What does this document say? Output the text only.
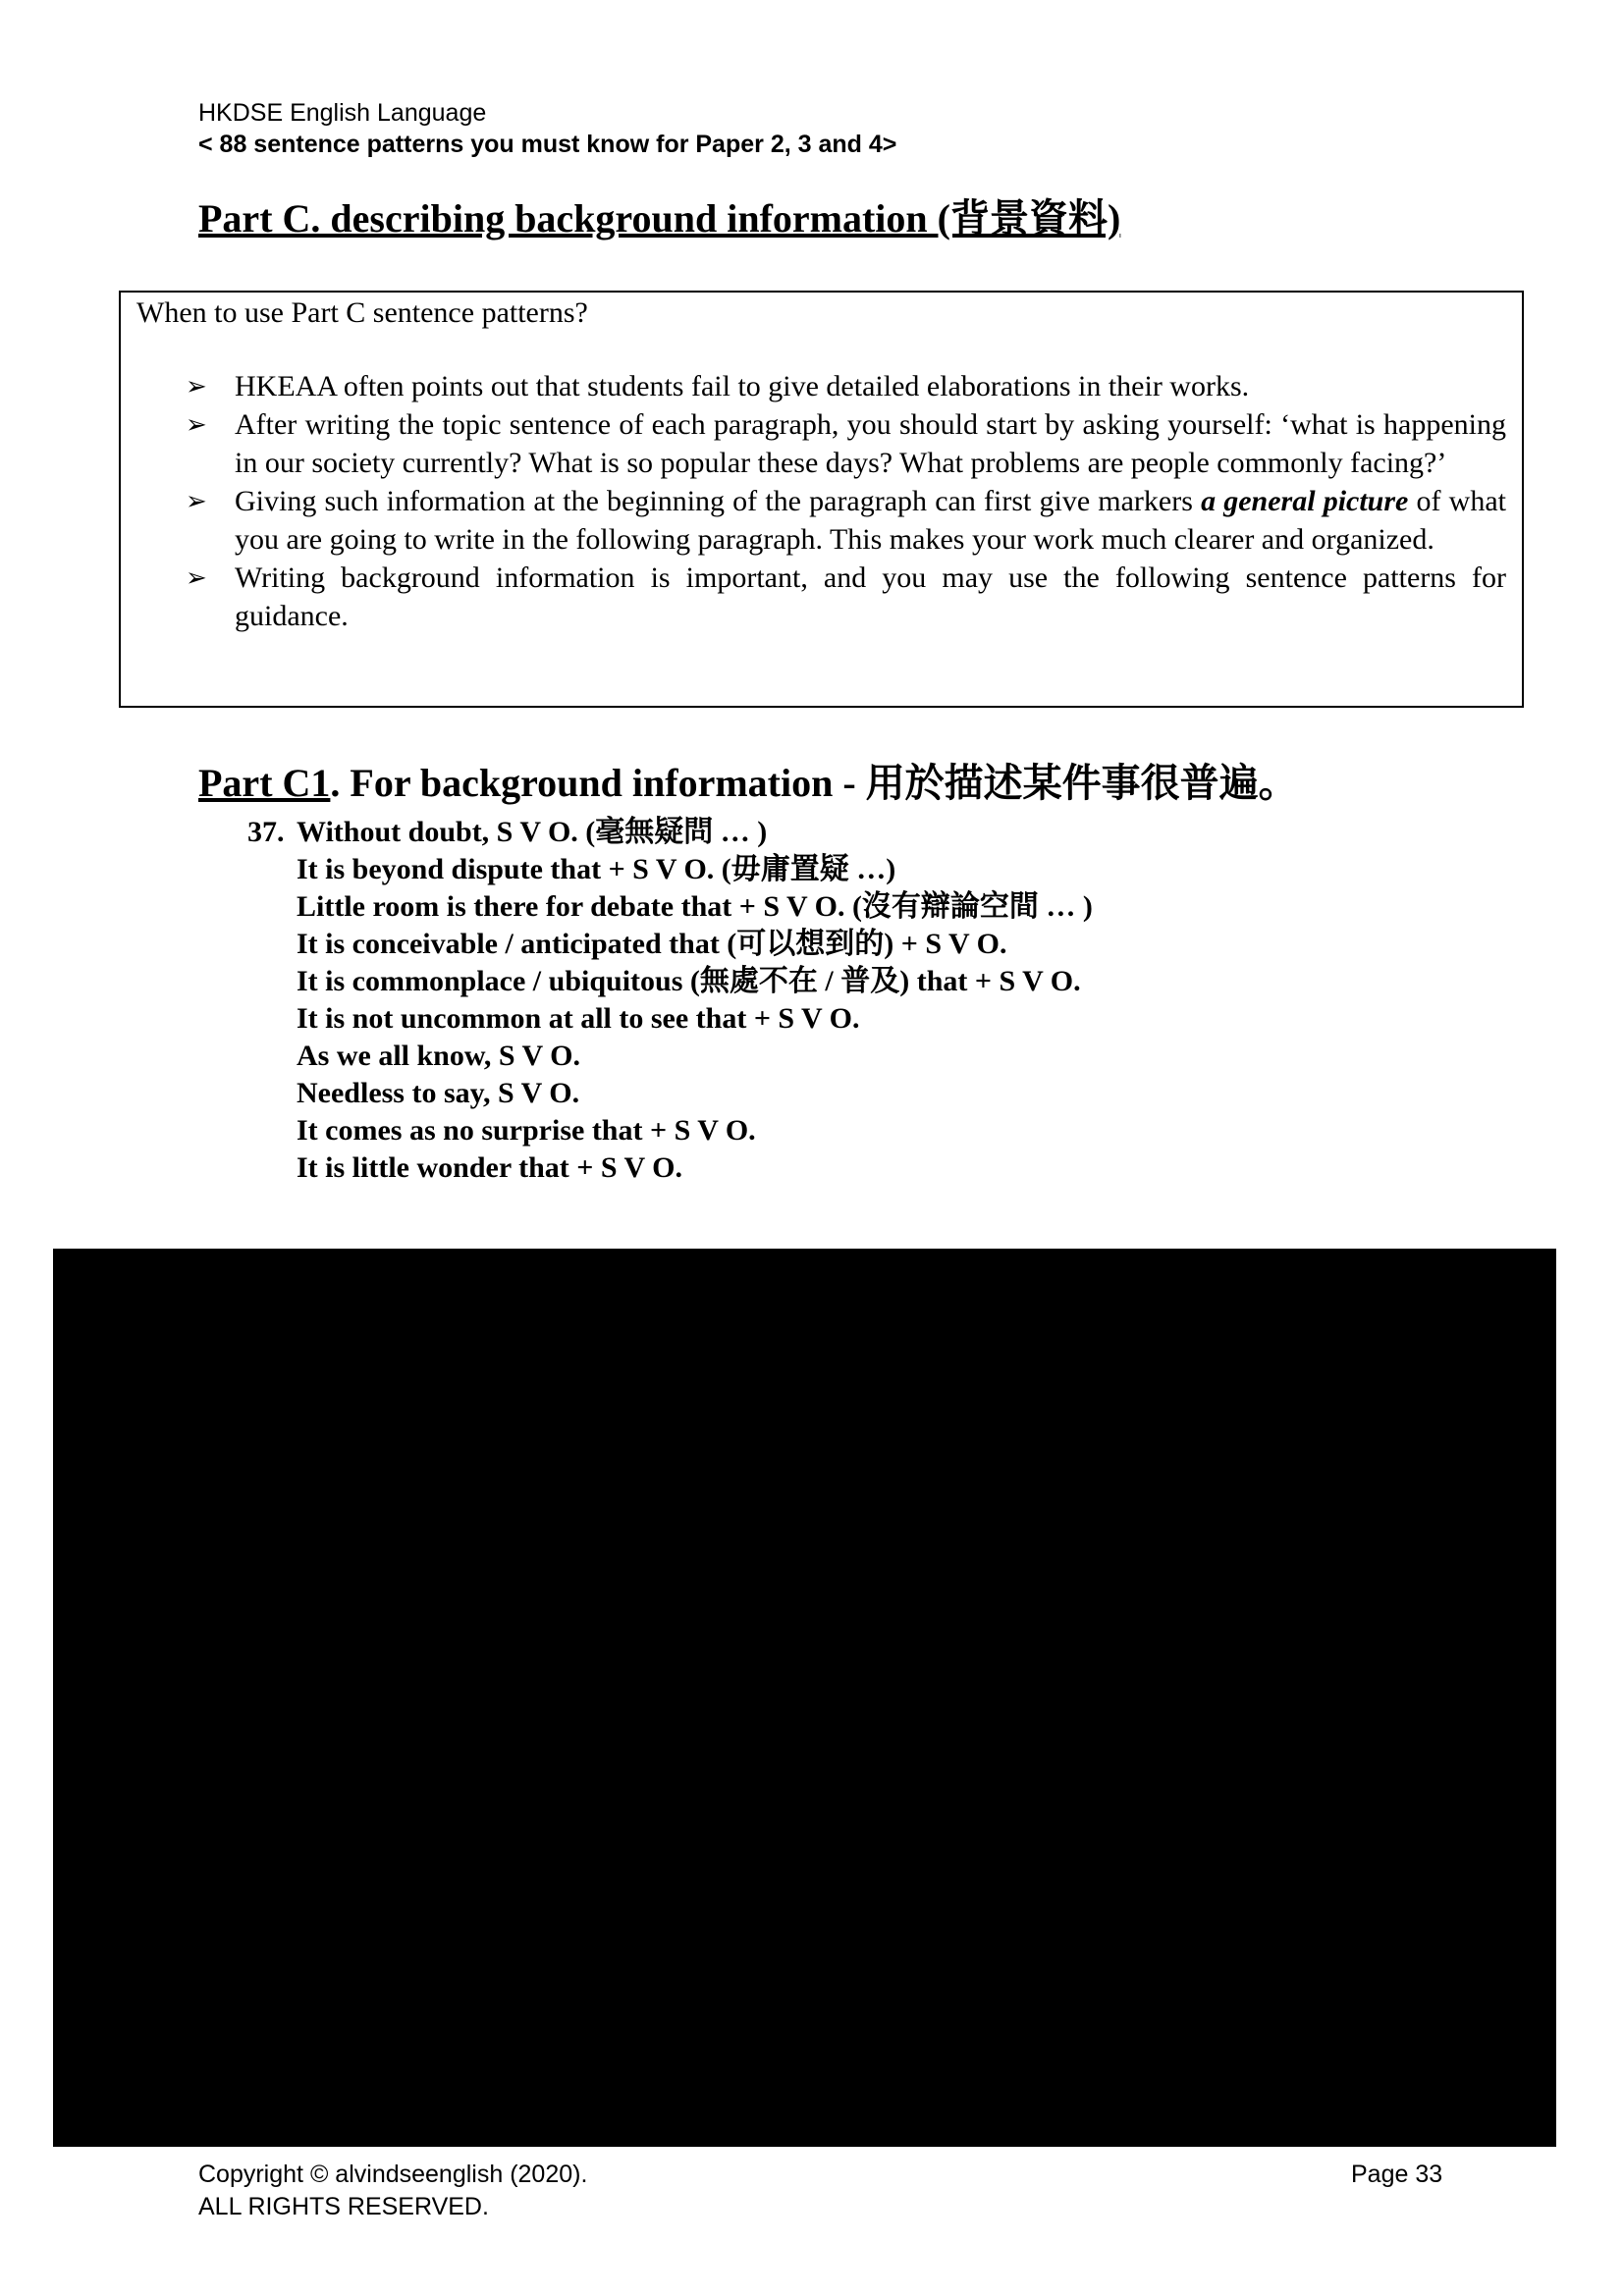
HKDSE English Language
< 88 sentence patterns you must know for Paper 2, 3 and 4>
Part C. describing background information (背景資料)
When to use Part C sentence patterns?
➢ HKEAA often points out that students fail to give detailed elaborations in their works.
➢ After writing the topic sentence of each paragraph, you should start by asking yourself: ‘what is happening in our society currently? What is so popular these days? What problems are people commonly facing?’
➢ Giving such information at the beginning of the paragraph can first give markers a general picture of what you are going to write in the following paragraph. This makes your work much clearer and organized.
➢ Writing background information is important, and you may use the following sentence patterns for guidance.
Part C1. For background information - 用於描述某件事很普遍。
37. Without doubt, S V O. (毫無疑問 … )
It is beyond dispute that + S V O. (毋庸置疑 …)
Little room is there for debate that + S V O. (沒有辯論空間 … )
It is conceivable / anticipated that (可以想到的) + S V O.
It is commonplace / ubiquitous (無處不在 / 普及) that + S V O.
It is not uncommon at all to see that + S V O.
As we all know, S V O.
Needless to say, S V O.
It comes as no surprise that + S V O.
It is little wonder that + S V O.
Copyright © alvindseenglish (2020).
ALL RIGHTS RESERVED.
Page 33
